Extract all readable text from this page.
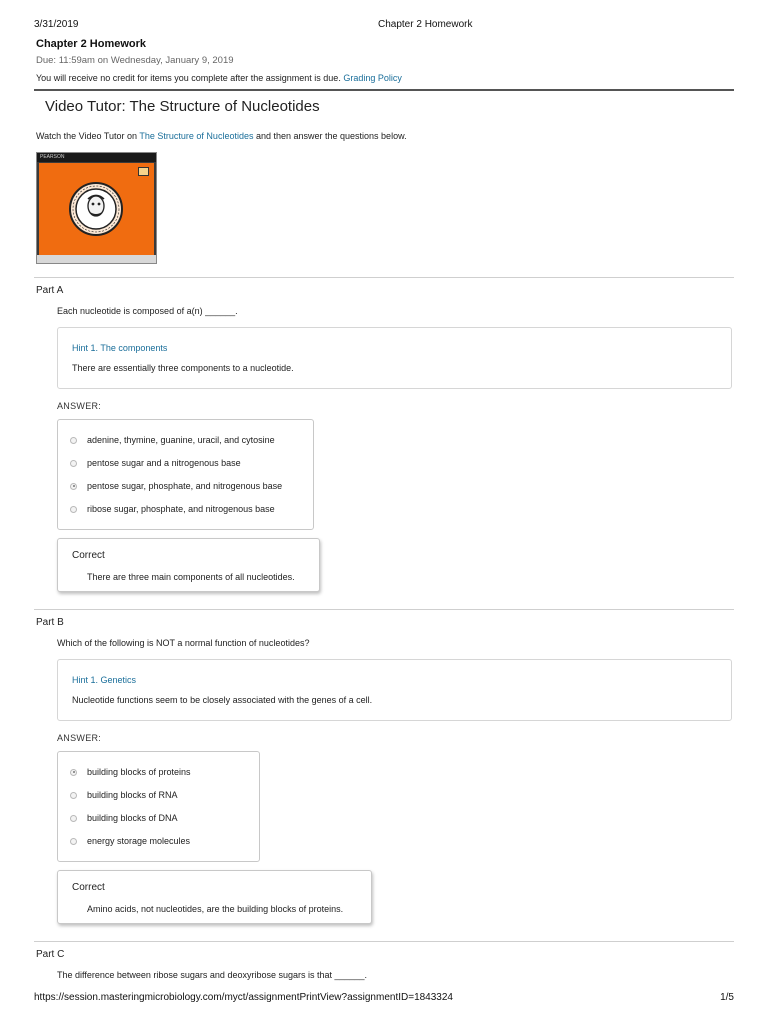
3/31/2019	Chapter 2 Homework
Chapter 2 Homework
Due: 11:59am on Wednesday, January 9, 2019
You will receive no credit for items you complete after the assignment is due. Grading Policy
Video Tutor: The Structure of Nucleotides
Watch the Video Tutor on The Structure of Nucleotides and then answer the questions below.
PEARSON
Part A
Each nucleotide is composed of a(n) ______.
Hint 1. The components
There are essentially three components to a nucleotide.
ANSWER:
adenine, thymine, guanine, uracil, and cytosine
pentose sugar and a nitrogenous base
pentose sugar, phosphate, and nitrogenous base
ribose sugar, phosphate, and nitrogenous base
Correct
There are three main components of all nucleotides.
Part B
Which of the following is NOT a normal function of nucleotides?
Hint 1. Genetics
Nucleotide functions seem to be closely associated with the genes of a cell.
ANSWER:
building blocks of proteins
building blocks of RNA
building blocks of DNA
energy storage molecules
Correct
Amino acids, not nucleotides, are the building blocks of proteins.
Part C
The difference between ribose sugars and deoxyribose sugars is that ______.
https://session.masteringmicrobiology.com/myct/assignmentPrintView?assignmentID=1843324	1/5
